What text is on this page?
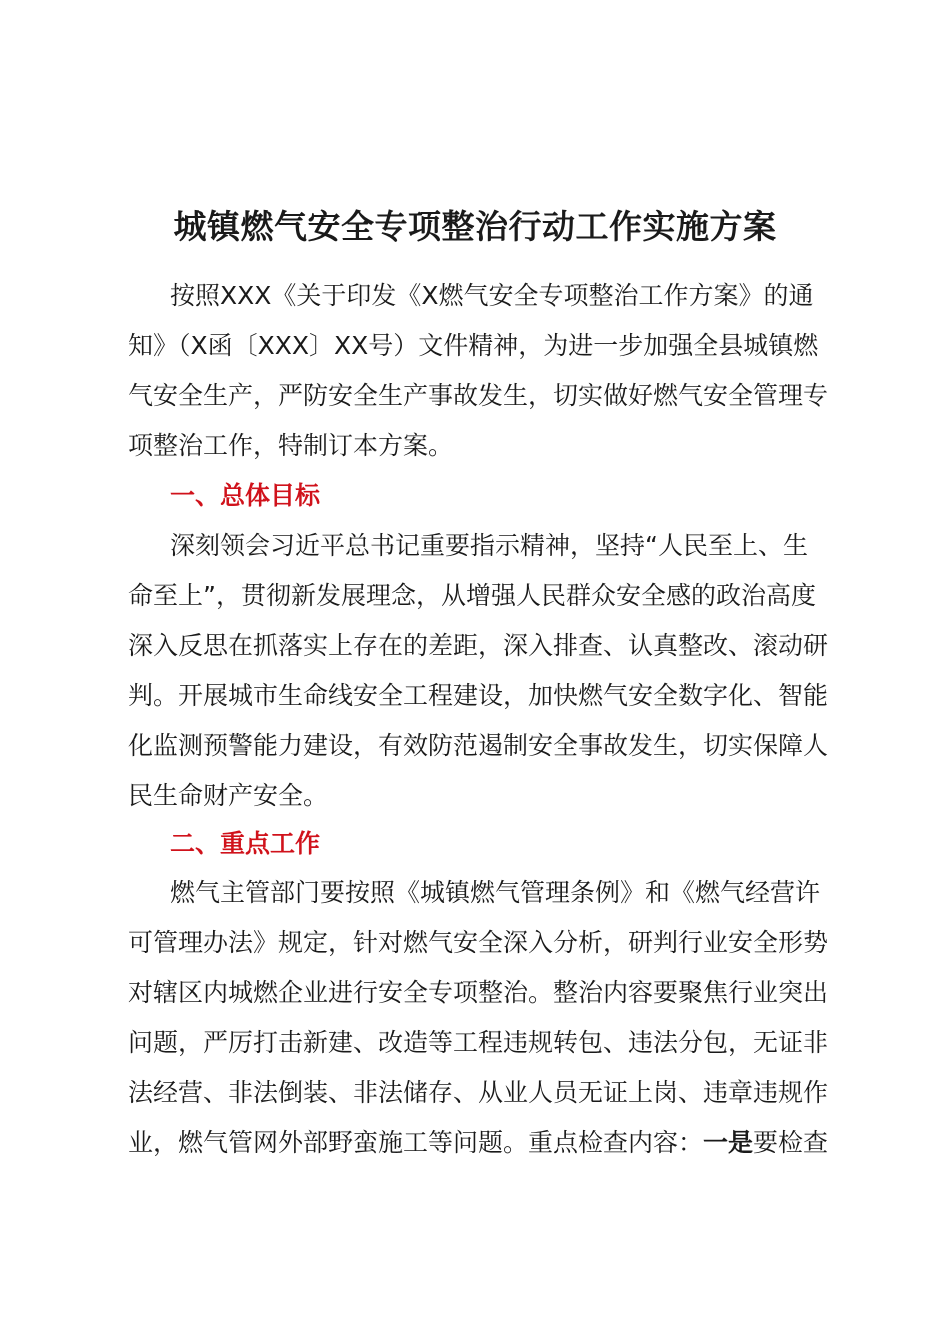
城镇燃气安全专项整治行动工作实施方案
按照XXX《关于印发《X燃气安全专项整治工作方案》的通
知》（X函〔XXX〕XX号）文件精神，为进一步加强全县城镇燃
气安全生产，严防安全生产事故发生，切实做好燃气安全管理专
项整治工作，特制订本方案。
一、总体目标
深刻领会习近平总书记重要指示精神，坚持“人民至上、生
命至上”，贯彻新发展理念，从增强人民群众安全感的政治高度
深入反思在抓落实上存在的差距，深入排查、认真整改、滚动研
判。开展城市生命线安全工程建设，加快燃气安全数字化、智能
化监测预警能力建设，有效防范遏制安全事故发生，切实保障人
民生命财产安全。
二、重点工作
燃气主管部门要按照《城镇燃气管理条例》和《燃气经营许
可管理办法》规定，针对燃气安全深入分析，研判行业安全形势
对辖区内城燃企业进行安全专项整治。整治内容要聚焦行业突出
问题，严厉打击新建、改造等工程违规转包、违法分包，无证非
法经营、非法倒装、非法储存、从业人员无证上岗、违章违规作
业，燃气管网外部野蛮施工等问题。重点检查内容：一是要检查
